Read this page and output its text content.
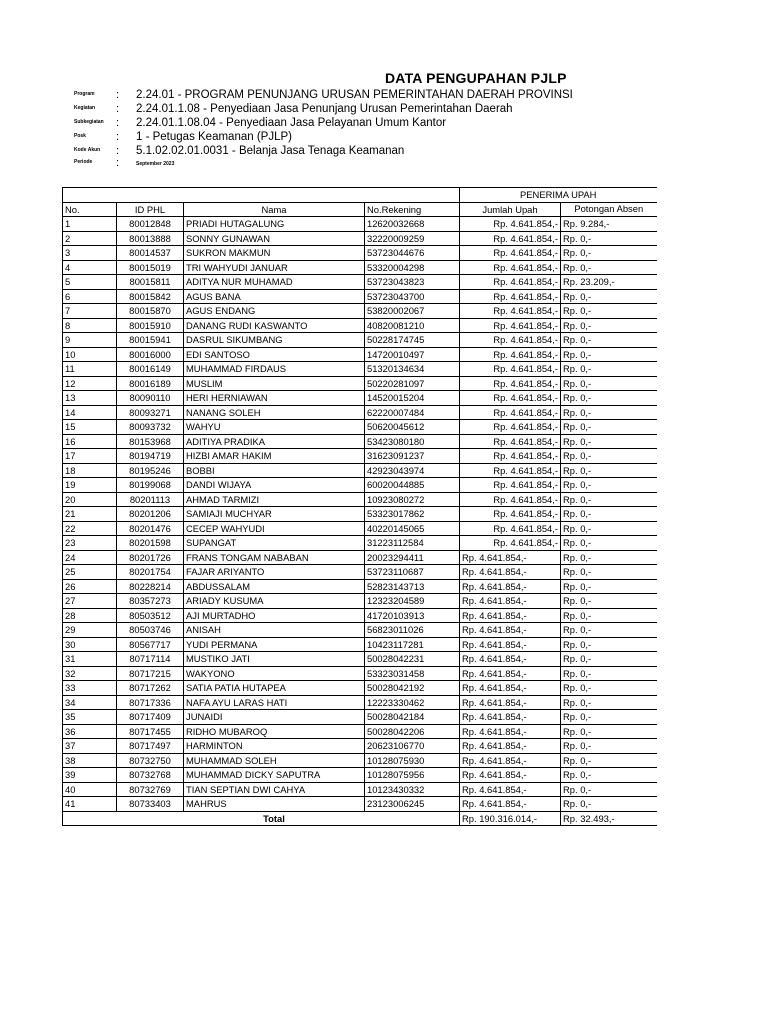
DATA PENGUPAHAN PJLP
Program : 2.24.01 - PROGRAM PENUNJANG URUSAN PEMERINTAHAN DAERAH PROVINSI
Kegiatan : 2.24.01.1.08 - Penyediaan Jasa Penunjang Urusan Pemerintahan Daerah
Subkegiatan : 2.24.01.1.08.04 - Penyediaan Jasa Pelayanan Umum Kantor
Posk	: 1 - Petugas Keamanan (PJLP)
Kode Akun : 5.1.02.02.01.0031 - Belanja Jasa Tenaga Keamanan
Periode :	September 2023
				PENERIMA UPAH	
No.	ID PHL	Nama	No.Rekening	Jumlah Upah	Potongan Absen
1	80012848	PRIADI HUTAGALUNG	12620032668	Rp. 4.641.854,-	Rp. 9.284,-
2	80013888	SONNY GUNAWAN	32220009259	Rp. 4.641.854,-	Rp. 0,-
3	80014537	SUKRON MAKMUN	53723044676	Rp. 4.641.854,-	Rp. 0,-
4	80015019	TRI WAHYUDI JANUAR	53320004298	Rp. 4.641.854,-	Rp. 0,-
5	80015811	ADITYA NUR MUHAMAD	53723043823	Rp. 4.641.854,-	Rp. 23.209,-
6	80015842	AGUS BANA	53723043700	Rp. 4.641.854,-	Rp. 0,-
7	80015870	AGUS ENDANG	53820002067	Rp. 4.641.854,-	Rp. 0,-
8	80015910	DANANG RUDI KASWANTO	40820081210	Rp. 4.641.854,-	Rp. 0,-
9	80015941	DASRUL SIKUMBANG	50228174745	Rp. 4.641.854,-	Rp. 0,-
10	80016000	EDI SANTOSO	14720010497	Rp. 4.641.854,-	Rp. 0,-
11	80016149	MUHAMMAD FIRDAUS	51320134634	Rp. 4.641.854,-	Rp. 0,-
12	80016189	MUSLIM	50220281097	Rp. 4.641.854,-	Rp. 0,-
13	80090110	HERI HERNIAWAN	14520015204	Rp. 4.641.854,-	Rp. 0,-
14	80093271	NANANG SOLEH	62220007484	Rp. 4.641.854,-	Rp. 0,-
15	80093732	WAHYU	50620045612	Rp. 4.641.854,-	Rp. 0,-
16	80153968	ADITIYA PRADIKA	53423080180	Rp. 4.641.854,-	Rp. 0,-
17	80194719	HIZBI AMAR HAKIM	31623091237	Rp. 4.641.854,-	Rp. 0,-
18	80195246	BOBBI	42923043974	Rp. 4.641.854,-	Rp. 0,-
19	80199068	DANDI WIJAYA	60020044885	Rp. 4.641.854,-	Rp. 0,-
20	80201113	AHMAD TARMIZI	10923080272	Rp. 4.641.854,-	Rp. 0,-
21	80201206	SAMIAJI MUCHYAR	53323017862	Rp. 4.641.854,-	Rp. 0,-
22	80201476	CECEP WAHYUDI	40220145065	Rp. 4.641.854,-	Rp. 0,-
23	80201598	SUPANGAT	31223112584	Rp. 4.641.854,-	Rp. 0,-
24	80201726	FRANS TONGAM NABABAN	20023294411	Rp. 4.641.854,-	Rp. 0,-
25	80201754	FAJAR ARIYANTO	53723110687	Rp. 4.641.854,-	Rp. 0,-
26	80228214	ABDUSSALAM	52823143713	Rp. 4.641.854,-	Rp. 0,-
27	80357273	ARIADY KUSUMA	12323204589	Rp. 4.641.854,-	Rp. 0,-
28	80503512	AJI MURTADHO	41720103913	Rp. 4.641.854,-	Rp. 0,-
29	80503746	ANISAH	56823011026	Rp. 4.641.854,-	Rp. 0,-
30	80567717	YUDI PERMANA	10423117281	Rp. 4.641.854,-	Rp. 0,-
31	80717114	MUSTIKO JATI	50028042231	Rp. 4.641.854,-	Rp. 0,-
32	80717215	WAKYONO	53323031458	Rp. 4.641.854,-	Rp. 0,-
33	80717262	SATIA PATIA HUTAPEA	50028042192	Rp. 4.641.854,-	Rp. 0,-
34	80717336	NAFA AYU LARAS HATI	12223330462	Rp. 4.641.854,-	Rp. 0,-
35	80717409	JUNAIDI	50028042184	Rp. 4.641.854,-	Rp. 0,-
36	80717455	RIDHO MUBAROQ	50028042206	Rp. 4.641.854,-	Rp. 0,-
37	80717497	HARMINTON	20623106770	Rp. 4.641.854,-	Rp. 0,-
38	80732750	MUHAMMAD SOLEH	10128075930	Rp. 4.641.854,-	Rp. 0,-
39	80732768	MUHAMMAD DICKY SAPUTRA	10128075956	Rp. 4.641.854,-	Rp. 0,-
40	80732769	TIAN SEPTIAN DWI CAHYA	10123430332	Rp. 4.641.854,-	Rp. 0,-
41	80733403	MAHRUS	23123006245	Rp. 4.641.854,-	Rp. 0,-
		Total		Rp. 190.316.014,-	Rp. 32.493,-
